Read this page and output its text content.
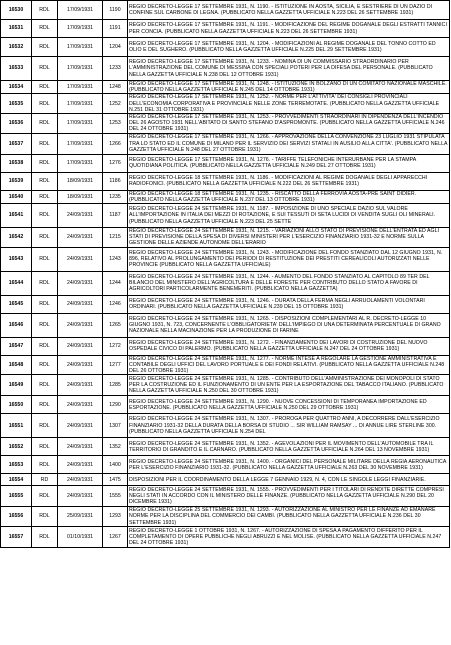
16530	RDL	17/09/1931	1190	REGIO DECRETO-LEGGE 17 SETTEMBRE 1931, N. 1190. - ISTITUZIONE IN AOSTA, SICILIA, E SESTRIERE DI UN DAZIO DI CONFINE SUL CARBONE DI LEGNA. (PUBBLICATO NELLA GAZZETTA UFFICIALE N.223 DEL 26 SETTEMBRE 1931)
16531	RDL	17/09/1931	1191	REGIO DECRETO-LEGGE 17 SETTEMBRE 1931, N. 1191. - MODIFICAZIONE DEL REGIME DOGANALE DEGLI ESTRATTI TANNICI PER CONCIA. (PUBBLICATO NELLA GAZZETTA UFFICIALE N.223 DEL 26 SETTEMBRE 1931)
16532	RDL	17/09/1931	1204	REGIO DECRETO-LEGGE 17 SETTEMBRE 1931, N. 1204. - MODIFICAZIONI AL REGIME DOGANALE DEL TONNO COTTO ED OLIO E DEL SUGHERO. (PUBBLICATO NELLA GAZZETTA UFFICIALE N.225 DEL 29 SETTEMBRE 1931)
16533	RDL	17/09/1931	1233	REGIO DECRETO-LEGGE 17 SETTEMBRE 1931, N. 1233. - NOMINA DI UN COMMISSARIO STRAORDINARIO PER L'AMMINISTRAZIONE DEL COMUNE DI MESSINA CON SPECIALI POTERI PER LA DIFESA DEL PERSONALE. (PUBBLICATO NELLA GAZZETTA UFFICIALE N.238 DEL 12 OTTOBRE 1931)
16534	RDL	17/09/1931	1248	REGIO DECRETO-LEGGE 17 SETTEMBRE 1931, N. 1248. - ISTITUZIONE IN BOLZANO DI UN COMITATO NAZIONALE MASCHILE. (PUBBLICATO NELLA GAZZETTA UFFICIALE N.245 DEL 14 OTTOBRE 1931)
16535	RDL	17/09/1931	1252	REGIO DECRETO-LEGGE 17 SETTEMBRE 1931, N. 1252. - NORME PER L'ATTIVITA' DEI CONSIGLI PROVINCIALI DELL'ECONOMIA CORPORATIVA E PROVINCIALE NELLE ZONE TERREMOTATE. (PUBBLICATO NELLA GAZZETTA UFFICIALE N.251 DEL 31 OTTOBRE 1931)
16536	RDL	17/09/1931	1253	REGIO DECRETO-LEGGE 17 SETTEMBRE 1931, N. 1253. - PROVVEDIMENTI STRAORDINARI IN DIPENDENZA DELL'INCENDIO DEL 26 AGOSTO 1931 NELL'ABITATO DI SANTO STEFANO D'ASPROMONTE. (PUBBLICATO NELLA GAZZETTA UFFICIALE N.246 DEL 24 OTTOBRE 1931)
16537	RDL	17/09/1931	1266	REGIO DECRETO-LEGGE 17 SETTEMBRE 1931, N. 1266. - APPROVAZIONE DELLA CONVENZIONE 23 LUGLIO 1931 STIPULATA TRA LO STATO ED IL COMUNE DI MILANO PER IL SERVIZIO DEI SERVIZI STATALI IN AUSILIO ALLA CITTA'. (PUBBLICATO NELLA GAZZETTA UFFICIALE N.248 DEL 27 OTTOBRE 1931)
16538	RDL	17/09/1931	1276	REGIO DECRETO-LEGGE 17 SETTEMBRE 1931, N. 1276. - TARIFFE TELEFONICHE INTERURBANE PER LA STAMPA QUOTIDIANA POLITICA. (PUBBLICATO NELLA GAZZETTA UFFICIALE N.249 DEL 27 OTTOBRE 1931)
16539	RDL	18/09/1931	1186	REGIO DECRETO-LEGGE 18 SETTEMBRE 1931, N. 1186. - MODIFICAZIONI AL REGIME DOGANALE DEGLI APPARECCHI RADIOFONICI. (PUBBLICATO NELLA GAZZETTA UFFICIALE N.222 DEL 26 SETTEMBRE 1931)
16540	RDL	18/09/1931	1235	REGIO DECRETO-LEGGE 18 SETTEMBRE 1931, N. 1235. - RISCATTO DELLA FERROVIA AOSTA-PRE SAINT DIDIER. (PUBBLICATO NELLA GAZZETTA UFFICIALE N.237 DEL 13 OTTOBRE 1931)
16541	RDL	24/09/1931	1187	REGIO DECRETO-LEGGE 24 SETTEMBRE 1931, N. 1187. - IMPOSIZIONE DI UNO SPECIALE DAZIO SUL VALORE ALL'IMPORTAZIONE IN ITALIA DEI MEZZI DI ROTAZIONE, E SUI TESSUTI DI SETA LUCIDI DI VENDITA SUGLI OLI MINERALI. (PUBBLICATO NELLA GAZZETTA UFFICIALE N.223 DEL 25 SETTE
16542	RDL	24/09/1931	1215	REGIO DECRETO-LEGGE 24 SETTEMBRE 1931, N. 1215. - VARIAZIONI ALLO STATO DI PREVISIONE DELL'ENTRATA ED AGLI STATI DI PREVISIONE DELLA SPESA DI DIVERSI MINISTERI PER L'ESERCIZIO FINANZIARIO 1931-32 E NORME SULLA GESTIONE DELLE AZIENDE AUTONOME DELL'ERARIO
16543	RDL	24/09/1931	1243	REGIO DECRETO-LEGGE 24 SETTEMBRE 1931, N. 1243. - MODIFICAZIONE DEL FONDO STANZIATO DAL 12 GIUGNO 1931, N. 896, RELATIVO AL PROLUNGAMENTO DEI PERIODI DI RESTITUZIONE DEI PRESTITI CEREALICOLI AUTORIZZATI NELLE PROVINCIE (PUBBLICATO NELLA GAZZETTA UFFICIALE)
16544	RDL	24/09/1931	1244	REGIO DECRETO-LEGGE 24 SETTEMBRE 1931, N. 1244. - AUMENTO DEL FONDO STANZIATO AL CAPITOLO 89 TER DEL BILANCIO DEL MINISTERO DELL'AGRICOLTURA E DELLE FORESTE PER CONTRIBUTO DELLO STATO A FAVORE DI AGRICOLTORI PARTICOLARMENTE BENEMERITI. (PUBBLICATO NELLA GAZZETTA)
16545	RDL	24/09/1931	1246	REGIO DECRETO-LEGGE 24 SETTEMBRE 1931, N. 1246. - DURATA DELLA FERMA NEGLI ARRUOLAMENTI VOLONTARI ORDINARI. (PUBBLICATO NELLA GAZZETTA UFFICIALE N.239 DEL 15 OTTOBRE 1931)
16546	RDL	24/09/1931	1265	REGIO DECRETO-LEGGE 24 SETTEMBRE 1931, N. 1265. - DISPOSIZIONI COMPLEMENTARI AL R. DECRETO-LEGGE 10 GIUGNO 1931, N. 723, CONCERNENTE L'OBBLIGATORIETA' DELL'IMPIEGO DI UNA DETERMINATA PERCENTUALE DI GRANO NAZIONALE NELLA MACINAZIONE PER LA PRODUZIONE DI FARINE
16547	RDL	24/09/1931	1272	REGIO DECRETO-LEGGE 24 SETTEMBRE 1931, N. 1272. - FINANZIAMENTO DEI LAVORI DI COSTRUZIONE DEL NUOVO OSPEDALE CIVICO DI PALERMO. (PUBBLICATO NELLA GAZZETTA UFFICIALE N.247 DEL 24 OTTOBRE 1931)
16548	RDL	24/09/1931	1277	REGIO DECRETO-LEGGE 24 SETTEMBRE 1931, N. 1277. - NORME INTESE A REGOLARE LA GESTIONE AMMINISTRATIVA E CONTABILE DEGLI UFFICI DEL LAVORO PORTUALE E DEI FONDI RELATIVI. (PUBBLICATO NELLA GAZZETTA UFFICIALE N.248 DEL 26 OTTOBRE 1931)
16549	RDL	24/09/1931	1285	REGIO DECRETO-LEGGE 24 SETTEMBRE 1931, N. 1285. - CONTRIBUTO DELL'AMMINISTRAZIONE DEI MONOPOLI DI STATO PER LA COSTRUZIONE ED IL FUNZIONAMENTO DI UN ENTE PER LA ESPORTAZIONE DEL TABACCO ITALIANO. (PUBBLICATO NELLA GAZZETTA UFFICIALE N.250 DEL 30 OTTOBRE 1931)
16550	RDL	24/09/1931	1290	REGIO DECRETO-LEGGE 24 SETTEMBRE 1931, N. 1290. - NUOVE CONCESSIONI DI TEMPORANEA IMPORTAZIONE ED ESPORTAZIONE. (PUBBLICATO NELLA GAZZETTA UFFICIALE N.250 DEL 29 OTTOBRE 1931)
16551	RDL	24/09/1931	1307	REGIO DECRETO-LEGGE 24 SETTEMBRE 1931, N. 1307. - PROROGA PER QUATTRO ANNI, A DECORRERE DALL'ESERCIZIO FINANZIARIO 1931-32 DELLA DURATA DELLA BORSA DI STUDIO ... SIR WILLIAM RAMSAY ... DI ANNUE LIRE STERLINE 300. (PUBBLICATO NELLA GAZZETTA UFFICIALE N.254 DEL
16552	RDL	24/09/1931	1352	REGIO DECRETO-LEGGE 24 SETTEMBRE 1931, N. 1352. - AGEVOLAZIONI PER IL MOVIMENTO DELL'AUTOMOBILE TRA IL TERRITORIO DI GRANDITO E IL CARNARO. (PUBBLICATO NELLA GAZZETTA UFFICIALE N.264 DEL 13 NOVEMBRE 1931)
16553	RDL	24/09/1931	1400	REGIO DECRETO-LEGGE 24 SETTEMBRE 1931, N. 1400. - ORGANICI DEL PERSONALE MILITARE DELLA REGIA AERONAUTICA PER L'ESERCIZIO FINANZIARIO 1931-32. (PUBBLICATO NELLA GAZZETTA UFFICIALE N.263 DEL 30 NOVEMBRE 1931)
16554	RD	24/09/1931	1475	DISPOSIZIONI PER IL COORDINAMENTO DELLA LEGGE 7 GENNAIO 1929, N. 4, CON LE SINGOLE LEGGI FINANZIARIE.
16555	RDL	24/09/1931	1555	REGIO DECRETO-LEGGE 24 SETTEMBRE 1931, N. 1555. - PROVVEDIMENTI PER I TITOLARI DI RENDITE DIRETTE COMPRESI NEGLI STATI IN ACCORDO CON IL MINISTERO DELLE FINANZE. (PUBBLICATO NELLA GAZZETTA UFFICIALE N.290 DEL 20 DICEMBRE 1931)
16556	RDL	25/09/1931	1293	REGIO DECRETO-LEGGE 25 SETTEMBRE 1931, N. 1293. - AUTORIZZAZIONE AL MINISTRO PER LE FINANZE AD EMANARE NORME PER LA DISCIPLINA DEL COMMERCIO DEI CAMBI. (PUBBLICATO NELLA GAZZETTA UFFICIALE N.236 DEL 30 SETTEMBRE 1931)
16557	RDL	01/10/1931	1267	REGIO DECRETO-LEGGE 1 OTTOBRE 1931, N. 1267. - AUTORIZZAZIONE DI SPESA A PAGAMENTO DIFFERITO PER IL COMPLETAMENTO DI OPERE PUBBLICHE NEGLI ABRUZZI E NEL MOLISE. (PUBBLICATO NELLA GAZZETTA UFFICIALE N.247 DEL 24 OTTOBRE 1931)
